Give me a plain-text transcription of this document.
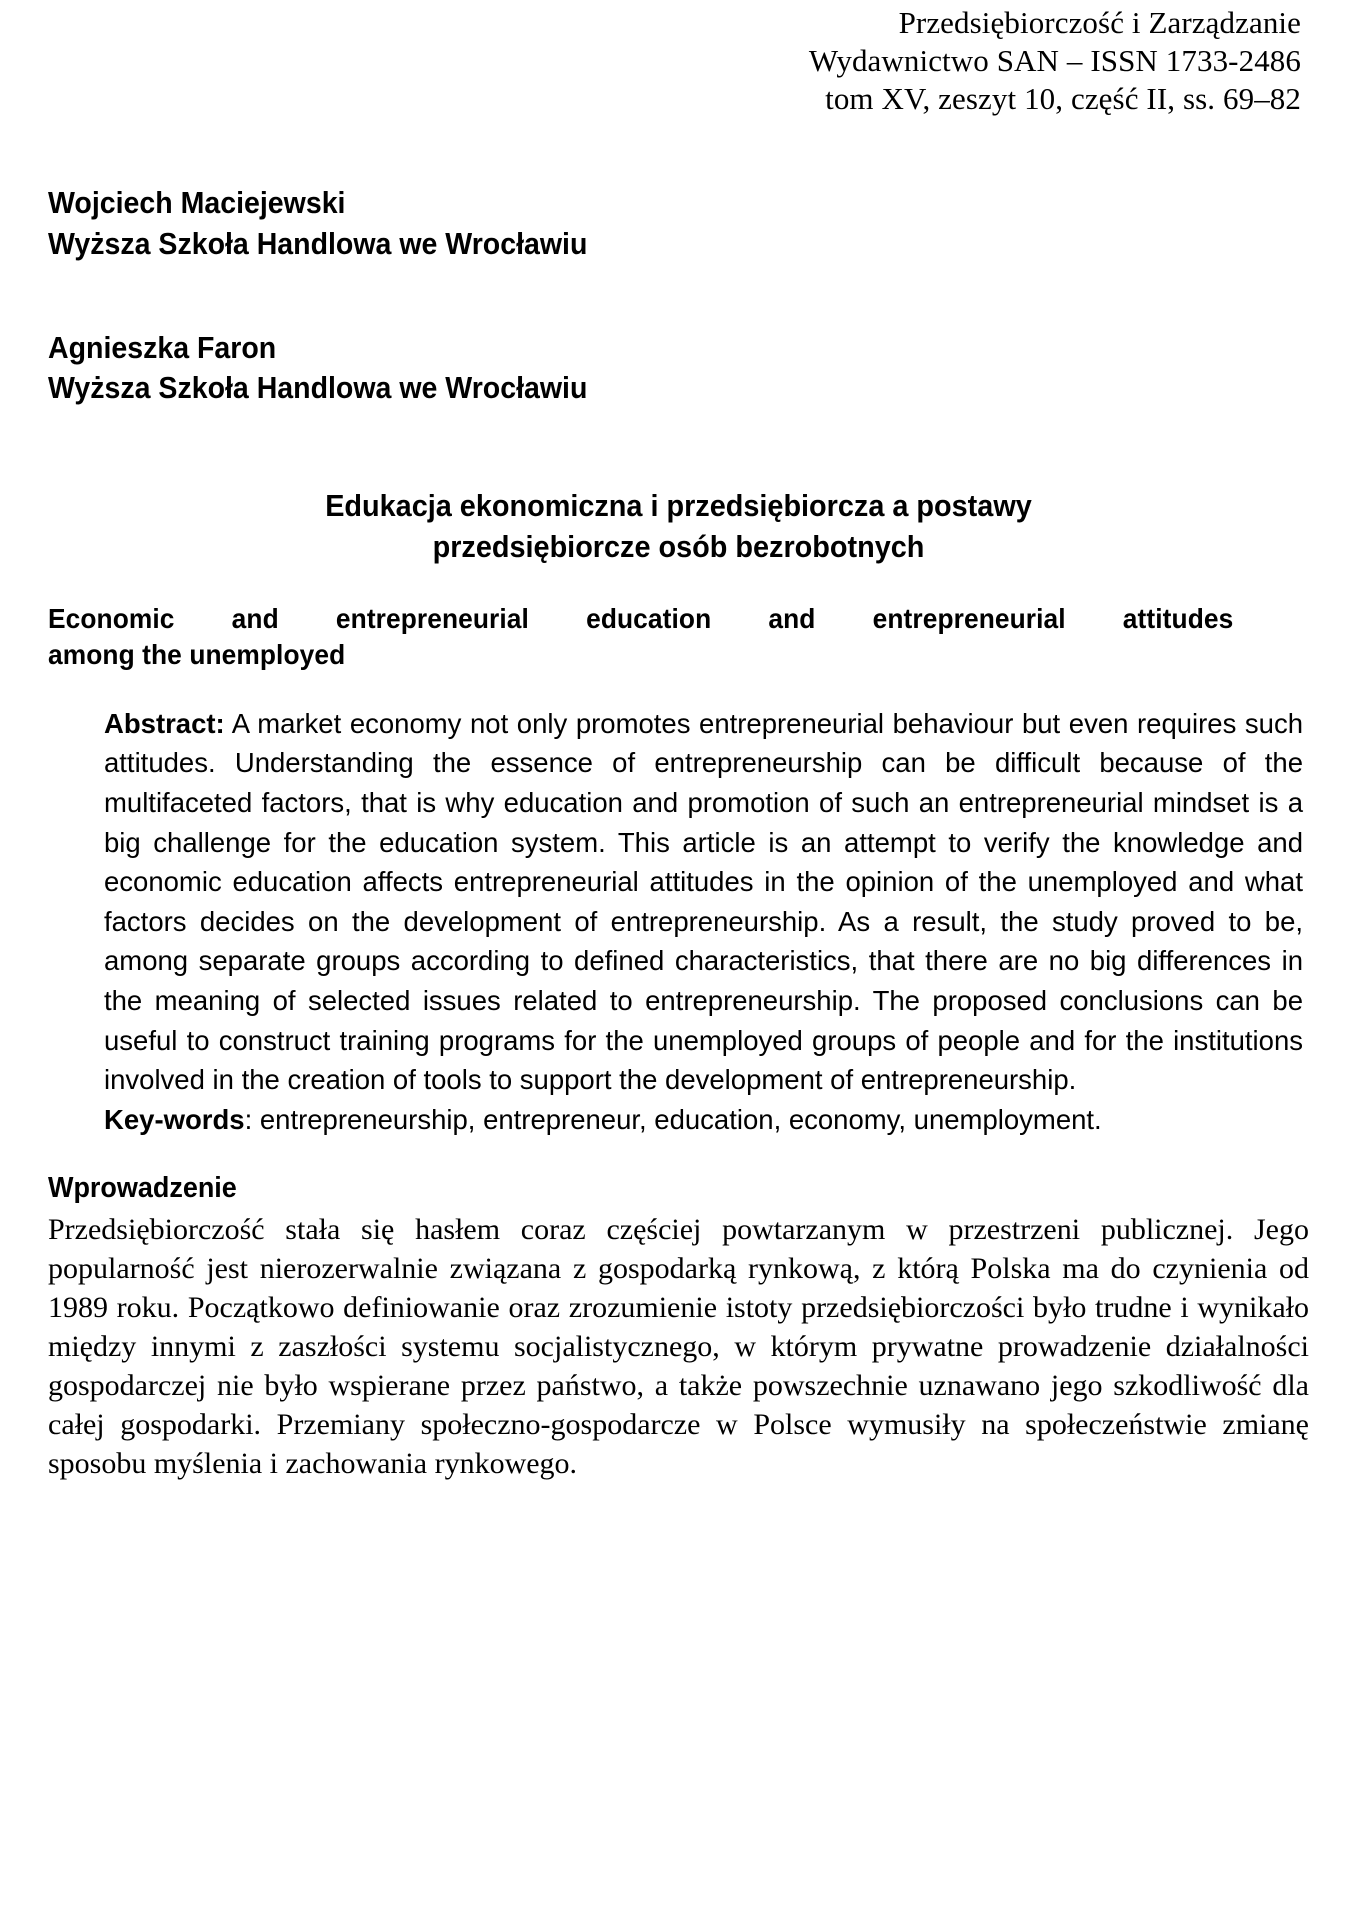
Przedsiębiorczość i Zarządzanie
Wydawnictwo SAN – ISSN 1733-2486
tom XV, zeszyt 10, część II, ss. 69–82
Wojciech Maciejewski
Wyższa Szkoła Handlowa we Wrocławiu
Agnieszka Faron
Wyższa Szkoła Handlowa we Wrocławiu
Edukacja ekonomiczna i przedsiębiorcza a postawy
przedsiębiorcze osób bezrobotnych
Economic and entrepreneurial education and entrepreneurial attitudes
among the unemployed
Abstract: A market economy not only promotes entrepreneurial behaviour but even requires such attitudes. Understanding the essence of entrepreneurship can be difficult because of the multifaceted factors, that is why education and promotion of such an entrepreneurial mindset is a big challenge for the education system. This article is an attempt to verify the knowledge and economic education affects entrepreneurial attitudes in the opinion of the unemployed and what factors decides on the development of entrepreneurship. As a result, the study proved to be, among separate groups according to defined characteristics, that there are no big differences in the meaning of selected issues related to entrepreneurship. The proposed conclusions can be useful to construct training programs for the unemployed groups of people and for the institutions involved in the creation of tools to support the development of entrepreneurship.
Key-words: entrepreneurship, entrepreneur, education, economy, unemployment.
Wprowadzenie

Przedsiębiorczość stała się hasłem coraz częściej powtarzanym w przestrzeni publicznej. Jego popularność jest nierozerwalnie związana z gospodarką rynkową, z którą Polska ma do czynienia od 1989 roku. Początkowo definiowanie oraz zrozumienie istoty przedsiębiorczości było trudne i wynikało między innymi z zaszłości systemu socjalistycznego, w którym prywatne prowadzenie działalności gospodarczej nie było wspierane przez państwo, a także powszechnie uznawano jego szkodliwość dla całej gospodarki. Przemiany społeczno-gospodarcze w Polsce wymusiły na społeczeństwie zmianę sposobu myślenia i zachowania rynkowego.
